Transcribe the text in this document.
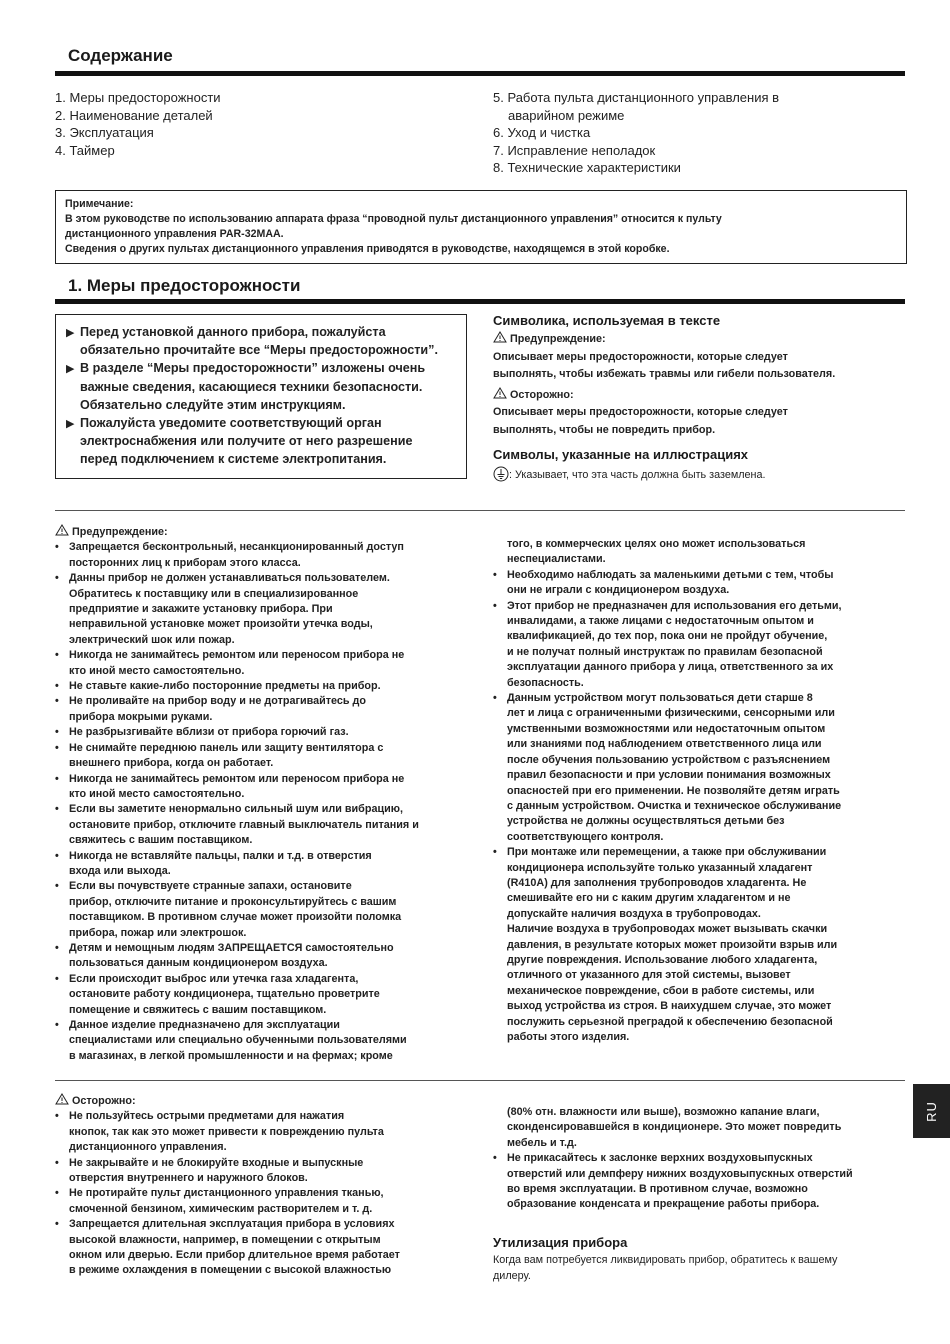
Содержание
1. Меры предосторожности
2. Наименование деталей
3. Эксплуатация
4. Таймер
5. Работа пульта дистанционного управления в
аварийном режиме
6. Уход и чистка
7. Исправление неполадок
8. Технические характеристики
Примечание:
В этом руководстве по использованию аппарата фраза “проводной пульт дистанционного управления” относится к пульту
дистанционного управления PAR-32MAA.
Сведения о других пультах дистанционного управления приводятся в руководстве, находящемся в этой коробке.
1. Меры предосторожности
▶ Перед установкой данного прибора, пожалуйста
обязательно прочитайте все “Меры предосторожности”.
▶ В разделе “Меры предосторожности” изложены очень
важные сведения, касающиеся техники безопасности.
Обязательно следуйте этим инструкциям.
▶ Пожалуйста уведомите соответствующий орган
электроснабжения или получите от него разрешение
перед подключением к системе электропитания.
Символика, используемая в тексте
Предупреждение:
Описывает меры предосторожности, которые следует
выполнять, чтобы избежать травмы или гибели пользователя.
Осторожно:
Описывает меры предосторожности, которые следует
выполнять, чтобы не повредить прибор.
Символы, указанные на иллюстрациях
: Указывает, что эта часть должна быть заземлена.
Предупреждение:
• Запрещается бесконтрольный, несанкционированный доступ
посторонних лиц к приборам этого класса.
• Данны прибор не должен устанавливаться пользователем.
Обратитесь к поставщику или в специализированное
предприятие и закажите установку прибора. При
неправильной установке может произойти утечка воды,
электрический шок или пожар.
• Никогда не занимайтесь ремонтом или переносом прибора не
кто иной место самостоятельно.
• Не ставьте какие-либо посторонние предметы на прибор.
• Не проливайте на прибор воду и не дотрагивайтесь до
прибора мокрыми руками.
• Не разбрызгивайте вблизи от прибора горючий газ.
• Не снимайте переднюю панель или защиту вентилятора с
внешнего прибора, когда он работает.
• Никогда не занимайтесь ремонтом или переносом прибора не
кто иной место самостоятельно.
• Если вы заметите ненормально сильный шум или вибрацию,
остановите прибор, отключите главный выключатель питания и
свяжитесь с вашим поставщиком.
• Никогда не вставляйте пальцы, палки и т.д. в отверстия
входа или выхода.
• Если вы почувствуете странные запахи, остановите
прибор, отключите питание и проконсультируйтесь с вашим
поставщиком. В противном случае может произойти поломка
прибора, пожар или электрошок.
• Детям и немощным людям ЗАПРЕЩАЕТСЯ самостоятельно
пользоваться данным кондиционером воздуха.
• Если происходит выброс или утечка газа хладагента,
остановите работу кондиционера, тщательно проветрите
помещение и свяжитесь с вашим поставщиком.
• Данное изделие предназначено для эксплуатации
специалистами или специально обученными пользователями
в магазинах, в легкой промышленности и на фермах; кроме
того, в коммерческих целях оно может использоваться
неспециалистами.
• Необходимо наблюдать за маленькими детьми с тем, чтобы
они не играли с кондиционером воздуха.
• Этот прибор не предназначен для использования его детьми,
инвалидами, а также лицами с недостаточным опытом и
квалификацией, до тех пор, пока они не пройдут обучение,
и не получат полный инструктаж по правилам безопасной
эксплуатации данного прибора у лица, ответственного за их
безопасность.
• Данным устройством могут пользоваться дети старше 8
лет и лица с ограниченными физическими, сенсорными или
умственными возможностями или недостаточным опытом
или знаниями под наблюдением ответственного лица или
после обучения пользованию устройством с разъяснением
правил безопасности и при условии понимания возможных
опасностей при его применении. Не позволяйте детям играть
с данным устройством. Очистка и техническое обслуживание
устройства не должны осуществляться детьми без
соответствующего контроля.
• При монтаже или перемещении, а также при обслуживании
кондиционера используйте только указанный хладагент
(R410A) для заполнения трубопроводов хладагента. Не
смешивайте его ни с каким другим хладагентом и не
допускайте наличия воздуха в трубопроводах.
Наличие воздуха в трубопроводах может вызывать скачки
давления, в результате которых может произойти взрыв или
другие повреждения. Использование любого хладагента,
отличного от указанного для этой системы, вызовет
механическое повреждение, сбои в работе системы, или
выход устройства из строя. В наихудшем случае, это может
послужить серьезной преградой к обеспечению безопасной
работы этого изделия.
Осторожно:
• Не пользуйтесь острыми предметами для нажатия
кнопок, так как это может привести к повреждению пульта
дистанционного управления.
• Не закрывайте и не блокируйте входные и выпускные
отверстия внутреннего и наружного блоков.
• Не протирайте пульт дистанционного управления тканью,
смоченной бензином, химическим растворителем и т. д.
• Запрещается длительная эксплуатация прибора в условиях
высокой влажности, например, в помещении с открытым
окном или дверью. Если прибор длительное время работает
в режиме охлаждения в помещении с высокой влажностью
(80% отн. влажности или выше), возможно капание влаги,
сконденсировавшейся в кондиционере. Это может повредить
мебель и т.д.
• Не прикасайтесь к заслонке верхних воздуховыпускных
отверстий или демпферу нижних воздуховыпускных отверстий
во время эксплуатации. В противном случае, возможно
образование конденсата и прекращение работы прибора.
Утилизация прибора
Когда вам потребуется ликвидировать прибор, обратитесь к вашему
дилеру.
RU
